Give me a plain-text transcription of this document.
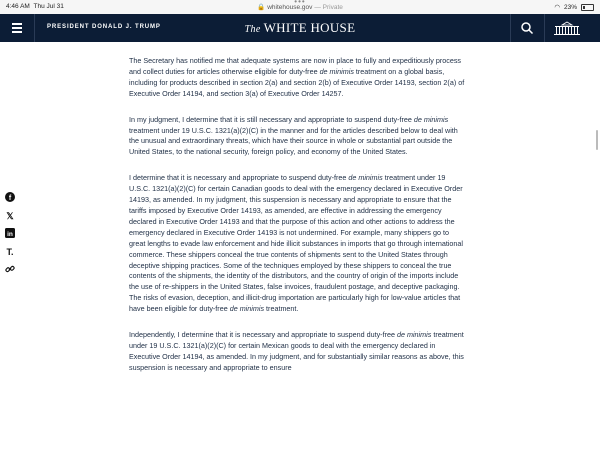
4:46 AM Thu Jul 31
•••
🔒 whitehouse.gov — Private	◠ 23%
PRESIDENT DONALD J. TRUMP	The WHITE HOUSE
f
𝕏
in
T.

The Secretary has notified me that adequate systems are now in place to fully and expeditiously process and collect duties for articles otherwise eligible for duty-free de minimis treatment on a global basis, including for products described in section 2(a) and section 2(b) of Executive Order 14193, section 2(a) of Executive Order 14194, and section 3(a) of Executive Order 14257.

In my judgment, I determine that it is still necessary and appropriate to suspend duty-free de minimis treatment under 19 U.S.C. 1321(a)(2)(C) in the manner and for the articles described below to deal with the unusual and extraordinary threats, which have their source in whole or substantial part outside the United States, to the national security, foreign policy, and economy of the United States.

I determine that it is necessary and appropriate to suspend duty-free de minimis treatment under 19 U.S.C. 1321(a)(2)(C) for certain Canadian goods to deal with the emergency declared in Executive Order 14193, as amended. In my judgment, this suspension is necessary and appropriate to ensure that the tariffs imposed by Executive Order 14193, as amended, are effective in addressing the emergency declared in Executive Order 14193 and that the purpose of this action and other actions to address the emergency declared in Executive Order 14193 is not undermined. For example, many shippers go to great lengths to evade law enforcement and hide illicit substances in imports that go through international commerce. These shippers conceal the true contents of shipments sent to the United States through deceptive shipping practices. Some of the techniques employed by these shippers to conceal the true contents of the shipments, the identity of the distributors, and the country of origin of the imports include the use of re-shippers in the United States, false invoices, fraudulent postage, and deceptive packaging. The risks of evasion, deception, and illicit-drug importation are particularly high for low-value articles that have been eligible for duty-free de minimis treatment.

Independently, I determine that it is necessary and appropriate to suspend duty-free de minimis treatment under 19 U.S.C. 1321(a)(2)(C) for certain Mexican goods to deal with the emergency declared in Executive Order 14194, as amended. In my judgment, and for substantially similar reasons as above, this suspension is necessary and appropriate to ensure
